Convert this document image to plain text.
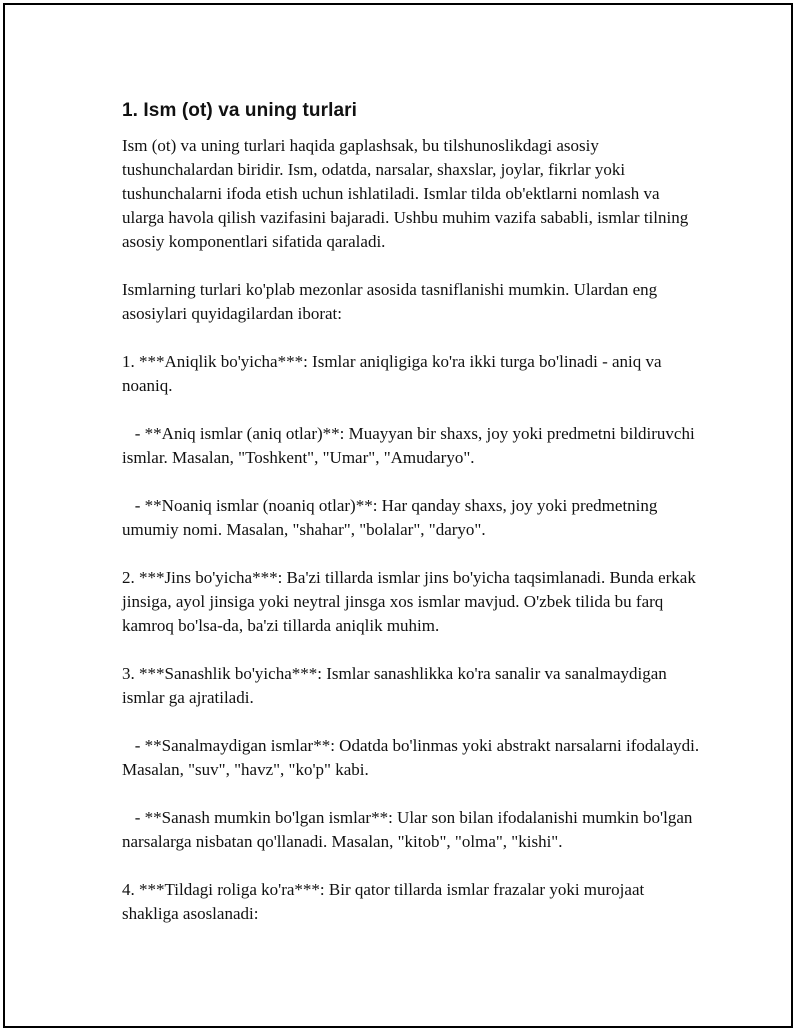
1. Ism (ot) va uning turlari

Ism (ot) va uning turlari haqida gaplashsak, bu tilshunoslikdagi asosiy tushunchalardan biridir. Ism, odatda, narsalar, shaxslar, joylar, fikrlar yoki tushunchalarni ifoda etish uchun ishlatiladi. Ismlar tilda ob'ektlarni nomlash va ularga havola qilish vazifasini bajaradi. Ushbu muhim vazifa sababli, ismlar tilning asosiy komponentlari sifatida qaraladi.

Ismlarning turlari ko'plab mezonlar asosida tasniflanishi mumkin. Ulardan eng asosiylari quyidagilardan iborat:

1. ***Aniqlik bo'yicha***: Ismlar aniqligiga ko'ra ikki turga bo'linadi - aniq va noaniq.

- **Aniq ismlar (aniq otlar)**: Muayyan bir shaxs, joy yoki predmetni bildiruvchi ismlar. Masalan, "Toshkent", "Umar", "Amudaryo".

- **Noaniq ismlar (noaniq otlar)**: Har qanday shaxs, joy yoki predmetning umumiy nomi. Masalan, "shahar", "bolalar", "daryo".

2. ***Jins bo'yicha***: Ba'zi tillarda ismlar jins bo'yicha taqsimlanadi. Bunda erkak jinsiga, ayol jinsiga yoki neytral jinsga xos ismlar mavjud. O'zbek tilida bu farq kamroq bo'lsa-da, ba'zi tillarda aniqlik muhim.

3. ***Sanashlik bo'yicha***: Ismlar sanashlikka ko'ra sanalir va sanalmaydigan ismlar ga ajratiladi.

- **Sanalmaydigan ismlar**: Odatda bo'linmas yoki abstrakt narsalarni ifodalaydi. Masalan, "suv", "havz", "ko'p" kabi.

- **Sanash mumkin bo'lgan ismlar**: Ular son bilan ifodalanishi mumkin bo'lgan narsalarga nisbatan qo'llanadi. Masalan, "kitob", "olma", "kishi".

4. ***Tildagi roliga ko'ra***: Bir qator tillarda ismlar frazalar yoki murojaat shakliga asoslanadi:
